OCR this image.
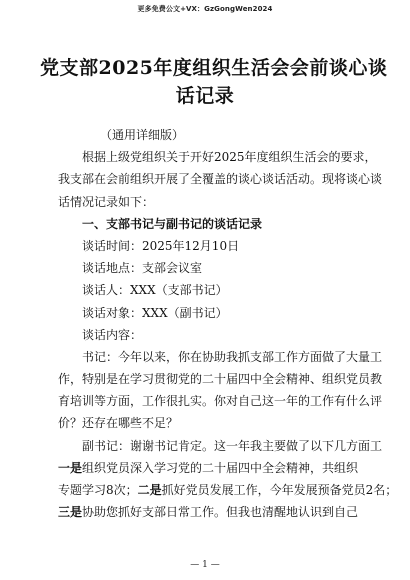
更多免费公文+VX：GzGongWen2024
党支部2025年度组织生活会会前谈心谈
话记录
（通用详细版）
根据上级党组织关于开好2025年度组织生活会的要求，
我支部在会前组织开展了全覆盖的谈心谈话活动。现将谈心谈
话情况记录如下：
一、支部书记与副书记的谈话记录
谈话时间：2025年12月10日
谈话地点：支部会议室
谈话人：XXX（支部书记）
谈话对象：XXX（副书记）
谈话内容：
书记：今年以来，你在协助我抓支部工作方面做了大量工
作，特别是在学习贯彻党的二十届四中全会精神、组织党员教
育培训等方面，工作很扎实。你对自己这一年的工作有什么评
价？还存在哪些不足？
副书记：谢谢书记肯定。这一年我主要做了以下几方面工
一是组织党员深入学习党的二十届四中全会精神，共组织
专题学习8次；二是抓好党员发展工作，今年发展预备党员2名；
三是协助您抓好支部日常工作。但我也清醒地认识到自己
— 1 —
